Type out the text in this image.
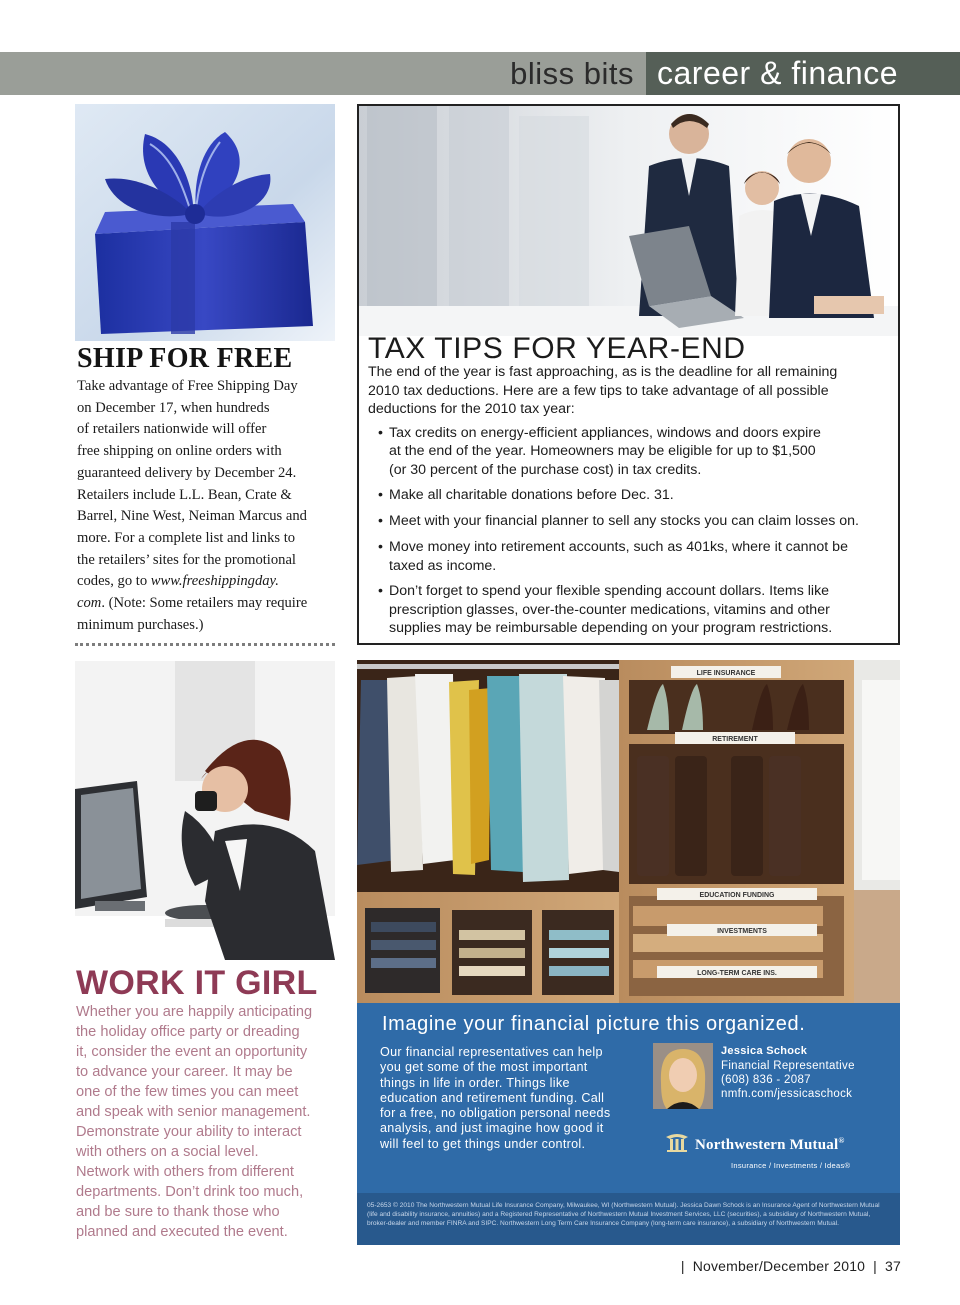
bliss bits career & finance
SHIP FOR FREE
Take advantage of Free Shipping Day
on December 17, when hundreds
of retailers nationwide will offer
free shipping on online orders with
guaranteed delivery by December 24.
Retailers include L.L. Bean, Crate &
Barrel, Nine West, Neiman Marcus and
more. For a complete list and links to
the retailers’ sites for the promotional
codes, go to www.freeshippingday.
com. (Note: Some retailers may require
minimum purchases.)
TAX TIPS FOR YEAR-END
The end of the year is fast approaching, as is the deadline for all remaining
2010 tax deductions. Here are a few tips to take advantage of all possible
deductions for the 2010 tax year:
• Tax credits on energy-efficient appliances, windows and doors expire
at the end of the year. Homeowners may be eligible for up to $1,500
(or 30 percent of the purchase cost) in tax credits.
• Make all charitable donations before Dec. 31.
• Meet with your financial planner to sell any stocks you can claim losses on.
• Move money into retirement accounts, such as 401ks, where it cannot be
taxed as income.
• Don’t forget to spend your flexible spending account dollars. Items like
prescription glasses, over-the-counter medications, vitamins and other
supplies may be reimbursable depending on your program restrictions.
WORK IT GIRL
Whether you are happily anticipating
the holiday office party or dreading
it, consider the event an opportunity
to advance your career. It may be
one of the few times you can meet
and speak with senior management.
Demonstrate your ability to interact
with others on a social level.
Network with others from different
departments. Don’t drink too much,
and be sure to thank those who
planned and executed the event.
LIFE INSURANCE
RETIREMENT
EDUCATION FUNDING
INVESTMENTS
LONG-TERM CARE INS.
Imagine your financial picture this organized.
Our financial representatives can help
you get some of the most important
things in life in order. Things like
education and retirement funding. Call
for a free, no obligation personal needs
analysis, and just imagine how good it
will feel to get things under control.
Jessica Schock
Financial Representative
(608) 836 - 2087
nmfn.com/jessicaschock
Northwestern Mutual®
Insurance / Investments / Ideas®
05-2653 © 2010 The Northwestern Mutual Life Insurance Company, Milwaukee, WI (Northwestern Mutual). Jessica Dawn Schock is an Insurance Agent of Northwestern Mutual (life and disability insurance, annuities) and a Registered Representative of Northwestern Mutual Investment Services, LLC (securities), a subsidiary of Northwestern Mutual, broker-dealer and member FINRA and SIPC. Northwestern Long Term Care Insurance Company (long-term care insurance), a subsidiary of Northwestern Mutual.
| November/December 2010 | 37
